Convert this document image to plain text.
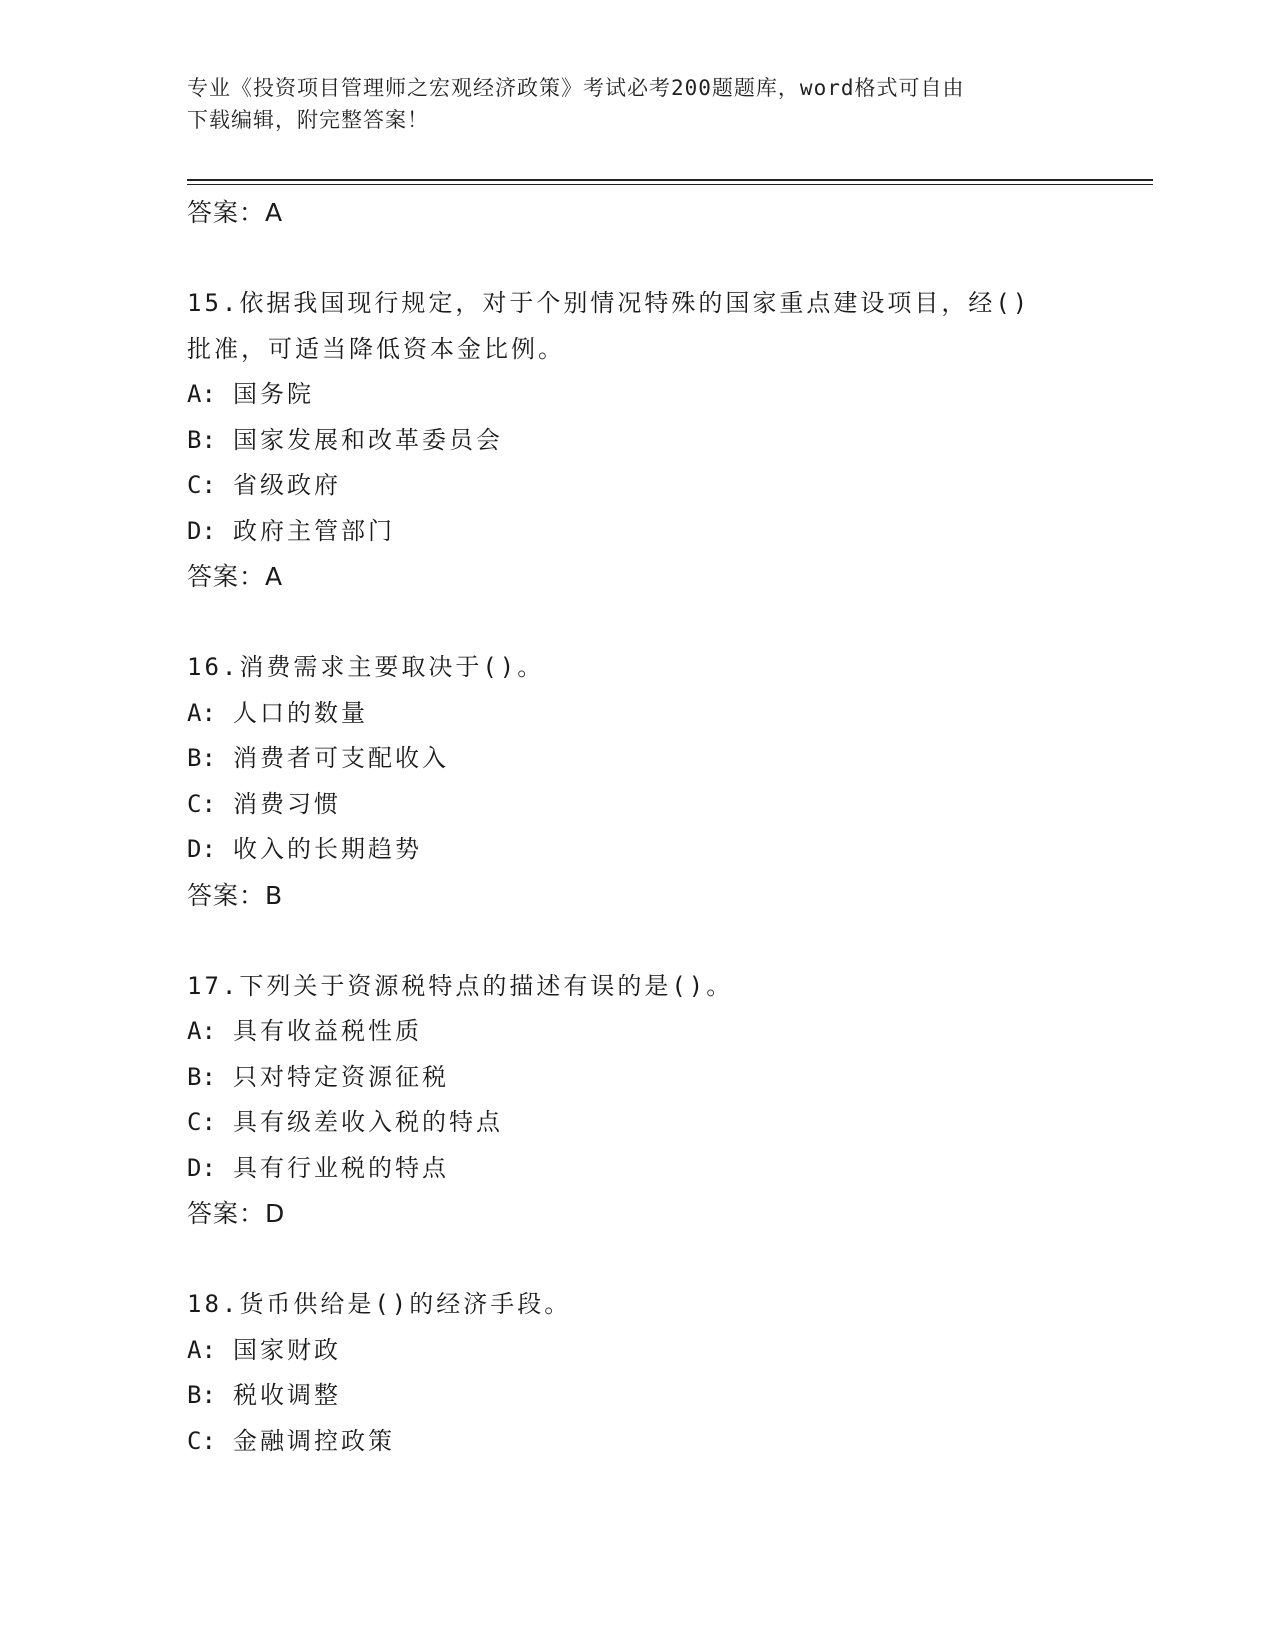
专业《投资项目管理师之宏观经济政策》考试必考200题题库，word格式可自由
下载编辑，附完整答案！
答案：A
15.依据我国现行规定，对于个别情况特殊的国家重点建设项目，经()
批准，可适当降低资本金比例。
A: 国务院
B: 国家发展和改革委员会
C: 省级政府
D: 政府主管部门
答案：A
16.消费需求主要取决于()。
A: 人口的数量
B: 消费者可支配收入
C: 消费习惯
D: 收入的长期趋势
答案：B
17.下列关于资源税特点的描述有误的是()。
A: 具有收益税性质
B: 只对特定资源征税
C: 具有级差收入税的特点
D: 具有行业税的特点
答案：D
18.货币供给是()的经济手段。
A: 国家财政
B: 税收调整
C: 金融调控政策
